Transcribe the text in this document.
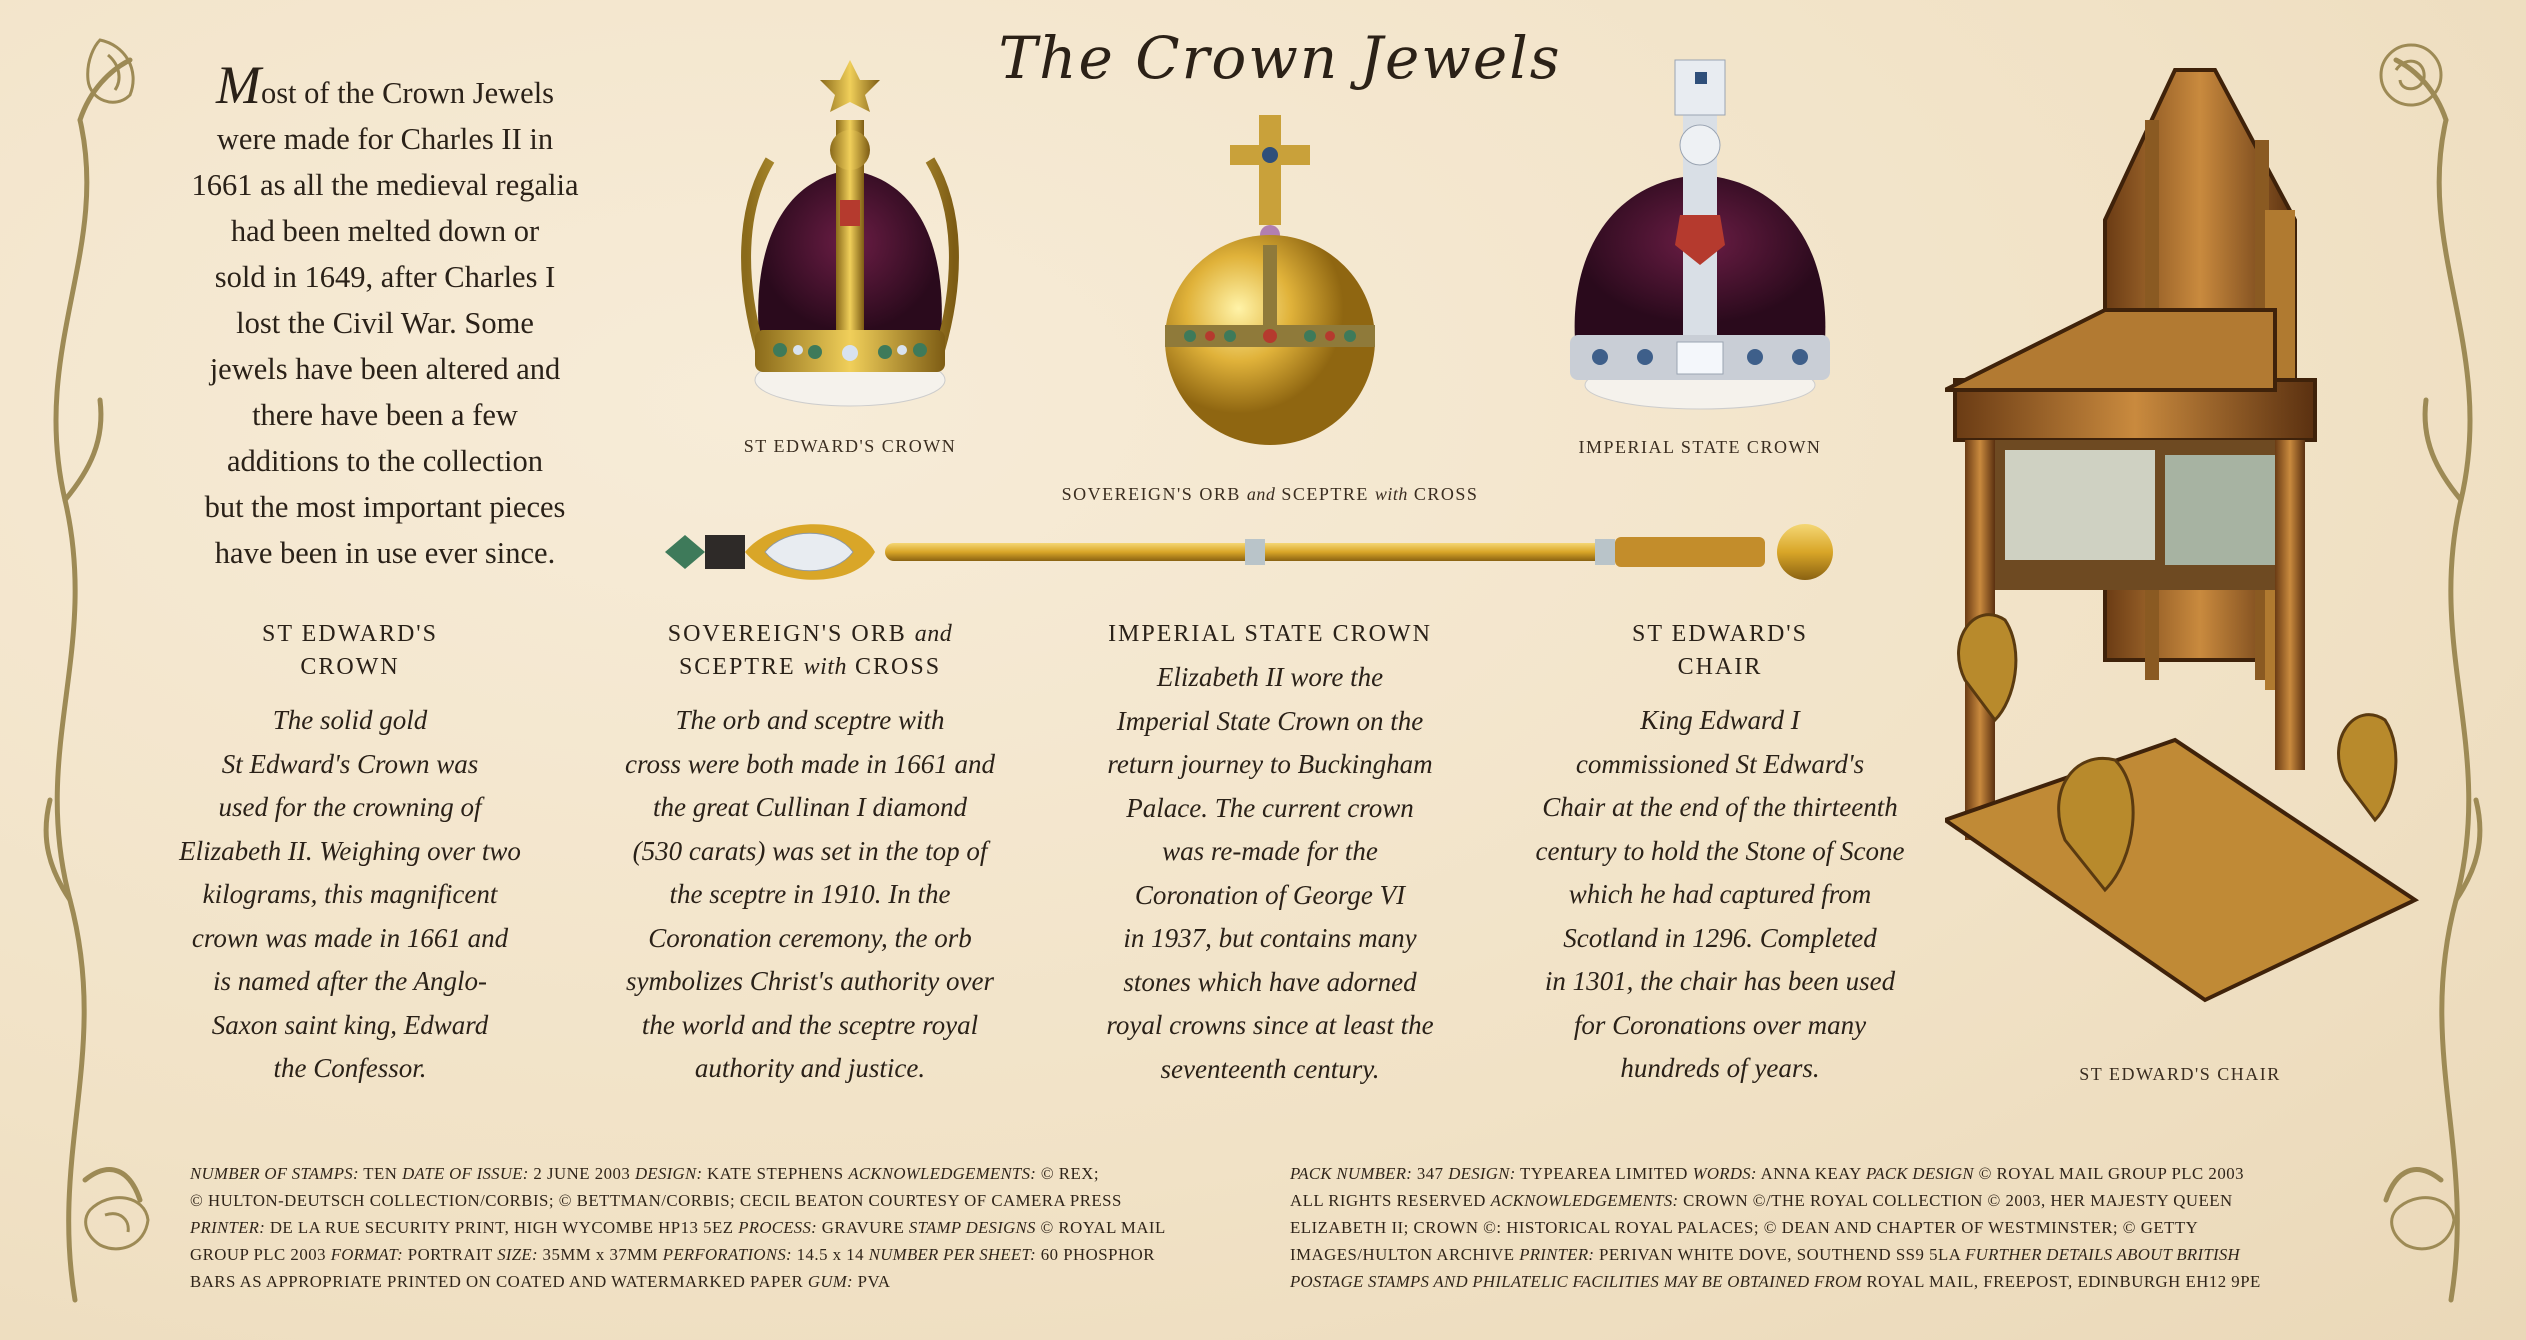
The Crown Jewels
Most of the Crown Jewels
were made for Charles II in
1661 as all the medieval regalia
had been melted down or
sold in 1649, after Charles I
lost the Civil War. Some
jewels have been altered and
there have been a few
additions to the collection
but the most important pieces
have been in use ever since.
ST EDWARD'S CROWN
SOVEREIGN'S ORB and SCEPTRE with CROSS
IMPERIAL STATE CROWN
ST EDWARD'S CHAIR
ST EDWARD'S
CROWN
The solid gold
St Edward's Crown was
used for the crowning of
Elizabeth II. Weighing over two
kilograms, this magnificent
crown was made in 1661 and
is named after the Anglo-
Saxon saint king, Edward
the Confessor.
SOVEREIGN'S ORB and
SCEPTRE with CROSS
The orb and sceptre with
cross were both made in 1661 and
the great Cullinan I diamond
(530 carats) was set in the top of
the sceptre in 1910. In the
Coronation ceremony, the orb
symbolizes Christ's authority over
the world and the sceptre royal
authority and justice.
IMPERIAL STATE CROWN
Elizabeth II wore the
Imperial State Crown on the
return journey to Buckingham
Palace. The current crown
was re-made for the
Coronation of George VI
in 1937, but contains many
stones which have adorned
royal crowns since at least the
seventeenth century.
ST EDWARD'S
CHAIR
King Edward I
commissioned St Edward's
Chair at the end of the thirteenth
century to hold the Stone of Scone
which he had captured from
Scotland in 1296. Completed
in 1301, the chair has been used
for Coronations over many
hundreds of years.
NUMBER OF STAMPS: TEN DATE OF ISSUE: 2 JUNE 2003 DESIGN: KATE STEPHENS ACKNOWLEDGEMENTS: © REX;
© HULTON-DEUTSCH COLLECTION/CORBIS; © BETTMAN/CORBIS; CECIL BEATON COURTESY OF CAMERA PRESS
PRINTER: DE LA RUE SECURITY PRINT, HIGH WYCOMBE HP13 5EZ PROCESS: GRAVURE STAMP DESIGNS © ROYAL MAIL
GROUP PLC 2003 FORMAT: PORTRAIT SIZE: 35MM x 37MM PERFORATIONS: 14.5 x 14 NUMBER PER SHEET: 60 PHOSPHOR
BARS AS APPROPRIATE PRINTED ON COATED AND WATERMARKED PAPER GUM: PVA
PACK NUMBER: 347 DESIGN: TYPEAREA LIMITED WORDS: ANNA KEAY PACK DESIGN © ROYAL MAIL GROUP PLC 2003
ALL RIGHTS RESERVED ACKNOWLEDGEMENTS: CROWN ©/THE ROYAL COLLECTION © 2003, HER MAJESTY QUEEN
ELIZABETH II; CROWN ©: HISTORICAL ROYAL PALACES; © DEAN AND CHAPTER OF WESTMINSTER; © GETTY
IMAGES/HULTON ARCHIVE PRINTER: PERIVAN WHITE DOVE, SOUTHEND SS9 5LA FURTHER DETAILS ABOUT BRITISH
POSTAGE STAMPS AND PHILATELIC FACILITIES MAY BE OBTAINED FROM ROYAL MAIL, FREEPOST, EDINBURGH EH12 9PE
